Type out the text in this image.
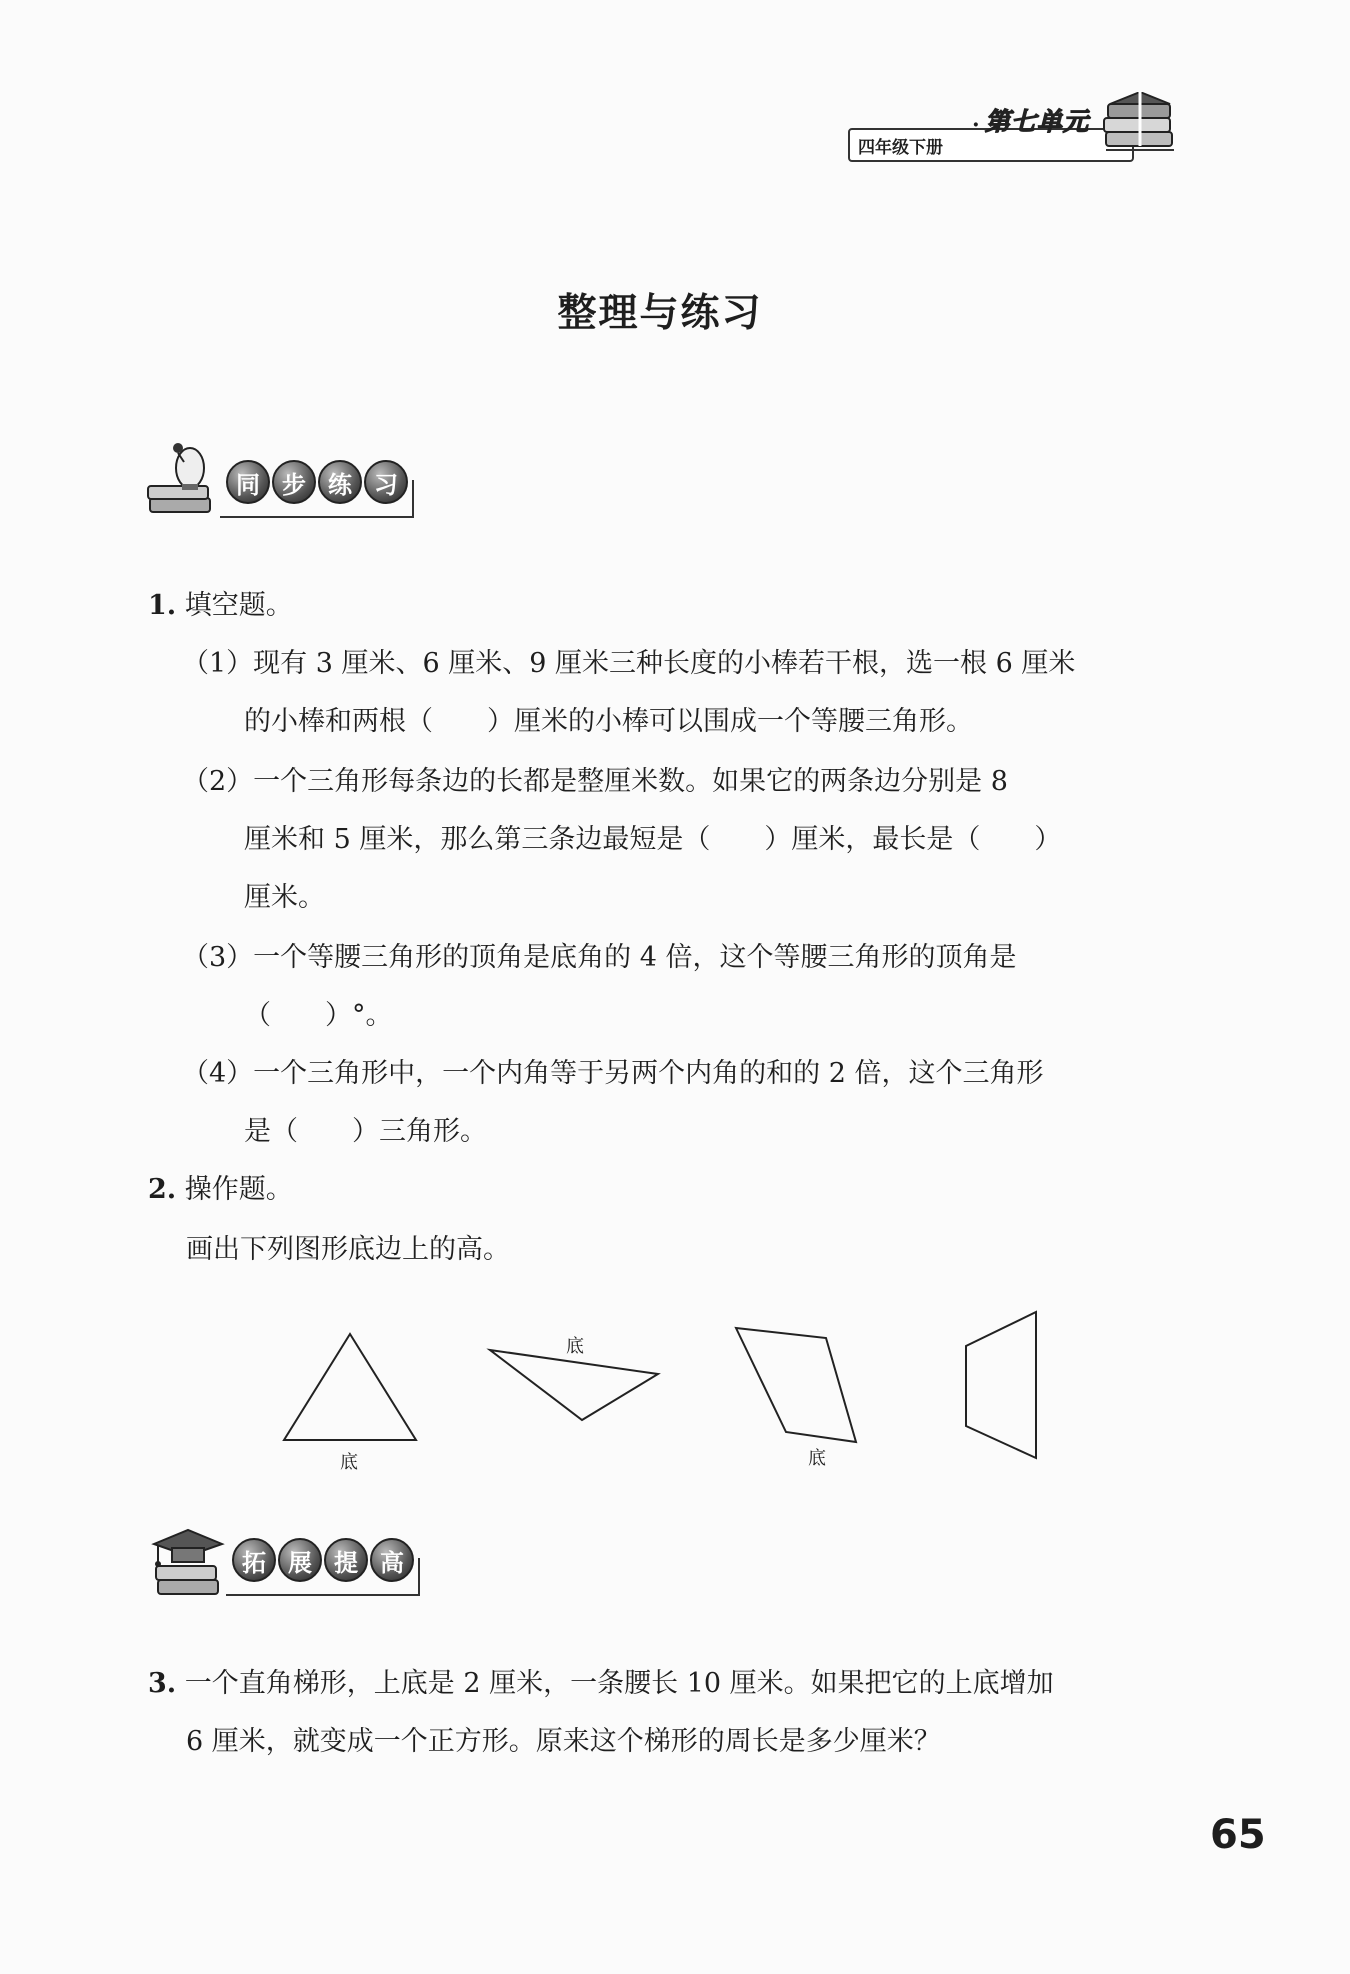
四年级下册
· 第七单元
整理与练习
同 步 练 习
1. 填空题。
（1）现有 3 厘米、6 厘米、9 厘米三种长度的小棒若干根，选一根 6 厘米
的小棒和两根（　　）厘米的小棒可以围成一个等腰三角形。
（2）一个三角形每条边的长都是整厘米数。如果它的两条边分别是 8
厘米和 5 厘米，那么第三条边最短是（　　）厘米，最长是（　　）
厘米。
（3）一个等腰三角形的顶角是底角的 4 倍，这个等腰三角形的顶角是
（　　）°。
（4）一个三角形中，一个内角等于另两个内角的和的 2 倍，这个三角形
是（　　）三角形。
2. 操作题。
画出下列图形底边上的高。
底
底
底
拓 展 提 高
3. 一个直角梯形，上底是 2 厘米，一条腰长 10 厘米。如果把它的上底增加
6 厘米，就变成一个正方形。原来这个梯形的周长是多少厘米？
65
